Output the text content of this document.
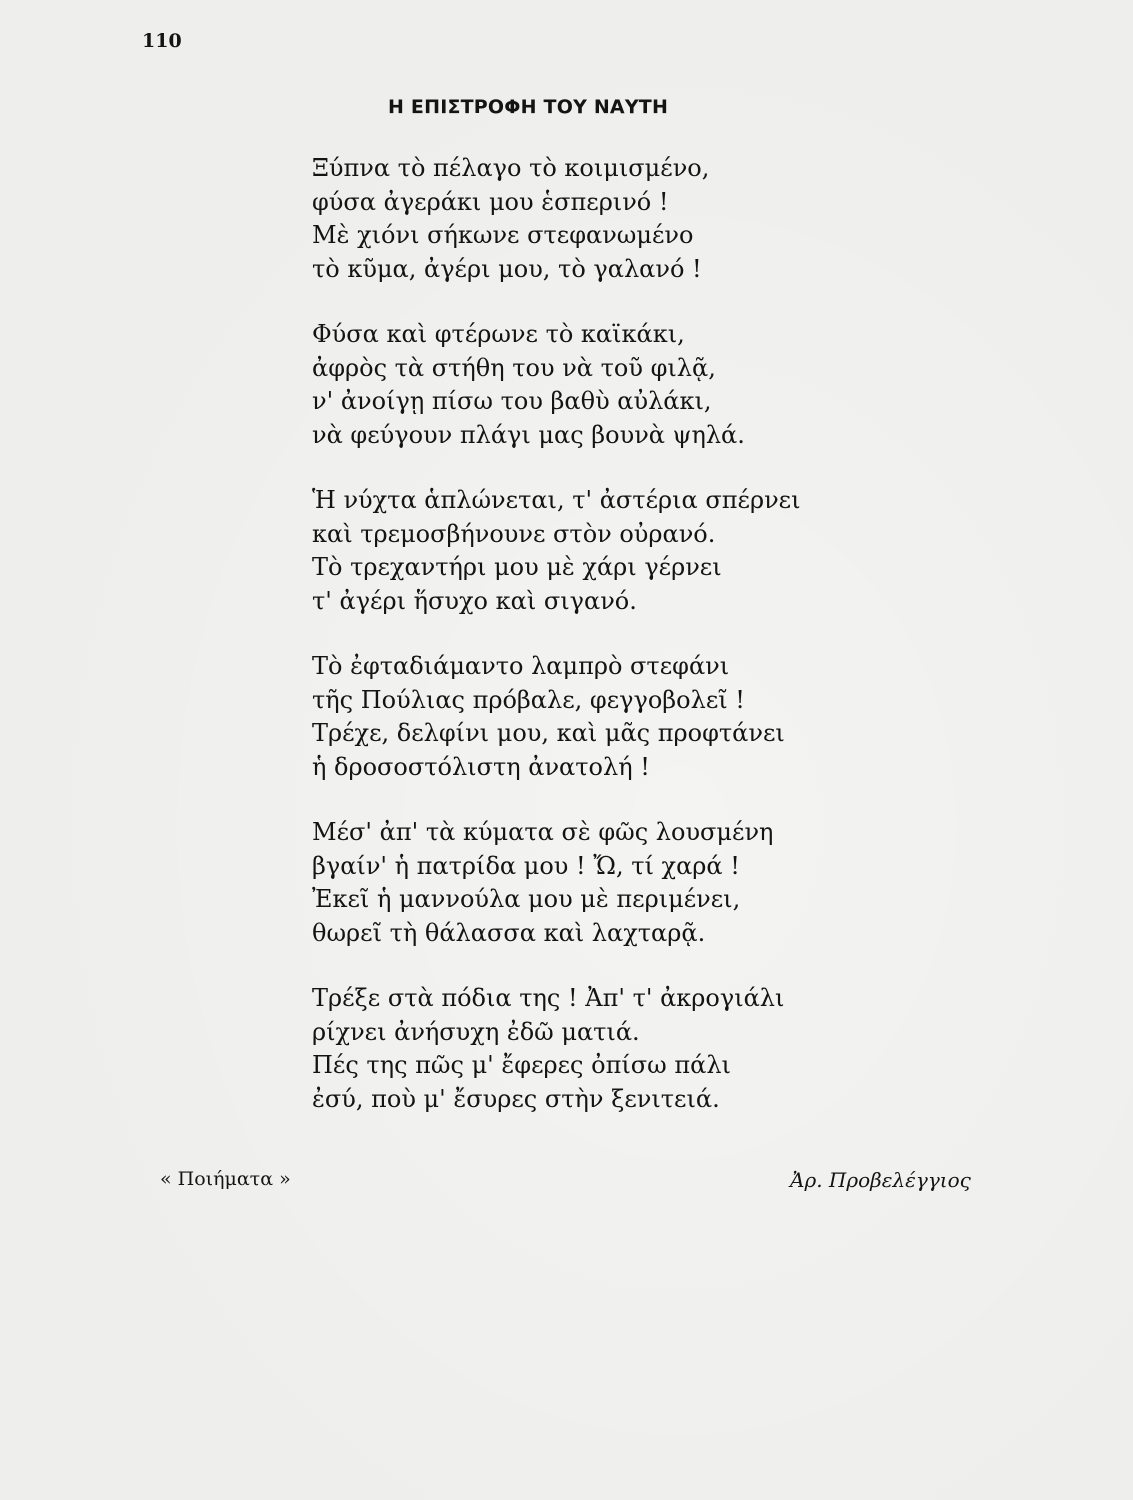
110
Η ΕΠΙΣΤΡΟΦΗ ΤΟΥ ΝΑΥΤΗ
Ξύπνα τὸ πέλαγο τὸ κοιμισμένο,
φύσα ἀγεράκι μου ἑσπερινό !
Μὲ χιόνι σήκωνε στεφανωμένο
τὸ κῦμα, ἀγέρι μου, τὸ γαλανό !
Φύσα καὶ φτέρωνε τὸ καϊκάκι,
ἀφρὸς τὰ στήθη του νὰ τοῦ φιλᾷ,
ν' ἀνοίγῃ πίσω του βαθὺ αὐλάκι,
νὰ φεύγουν πλάγι μας βουνὰ ψηλά.
Ἡ νύχτα ἁπλώνεται, τ' ἀστέρια σπέρνει
καὶ τρεμοσβήνουνε στὸν οὐρανό.
Τὸ τρεχαντήρι μου μὲ χάρι γέρνει
τ' ἀγέρι ἥσυχο καὶ σιγανό.
Τὸ ἐφταδιάμαντο λαμπρὸ στεφάνι
τῆς Πούλιας πρόβαλε, φεγγοβολεῖ !
Τρέχε, δελφίνι μου, καὶ μᾶς προφτάνει
ἡ δροσοστόλιστη ἀνατολή !
Μέσ' ἀπ' τὰ κύματα σὲ φῶς λουσμένη
βγαίν' ἡ πατρίδα μου ! Ὤ, τί χαρά !
Ἐκεῖ ἡ μαννούλα μου μὲ περιμένει,
θωρεῖ τὴ θάλασσα καὶ λαχταρᾷ.
Τρέξε στὰ πόδια της ! Ἀπ' τ' ἀκρογιάλι
ρίχνει ἀνήσυχη ἐδῶ ματιά.
Πές της πῶς μ' ἔφερες ὀπίσω πάλι
ἐσύ, ποὺ μ' ἔσυρες στὴν ξενιτειά.
« Ποιήματα »	Ἀρ. Προβελέγγιος
